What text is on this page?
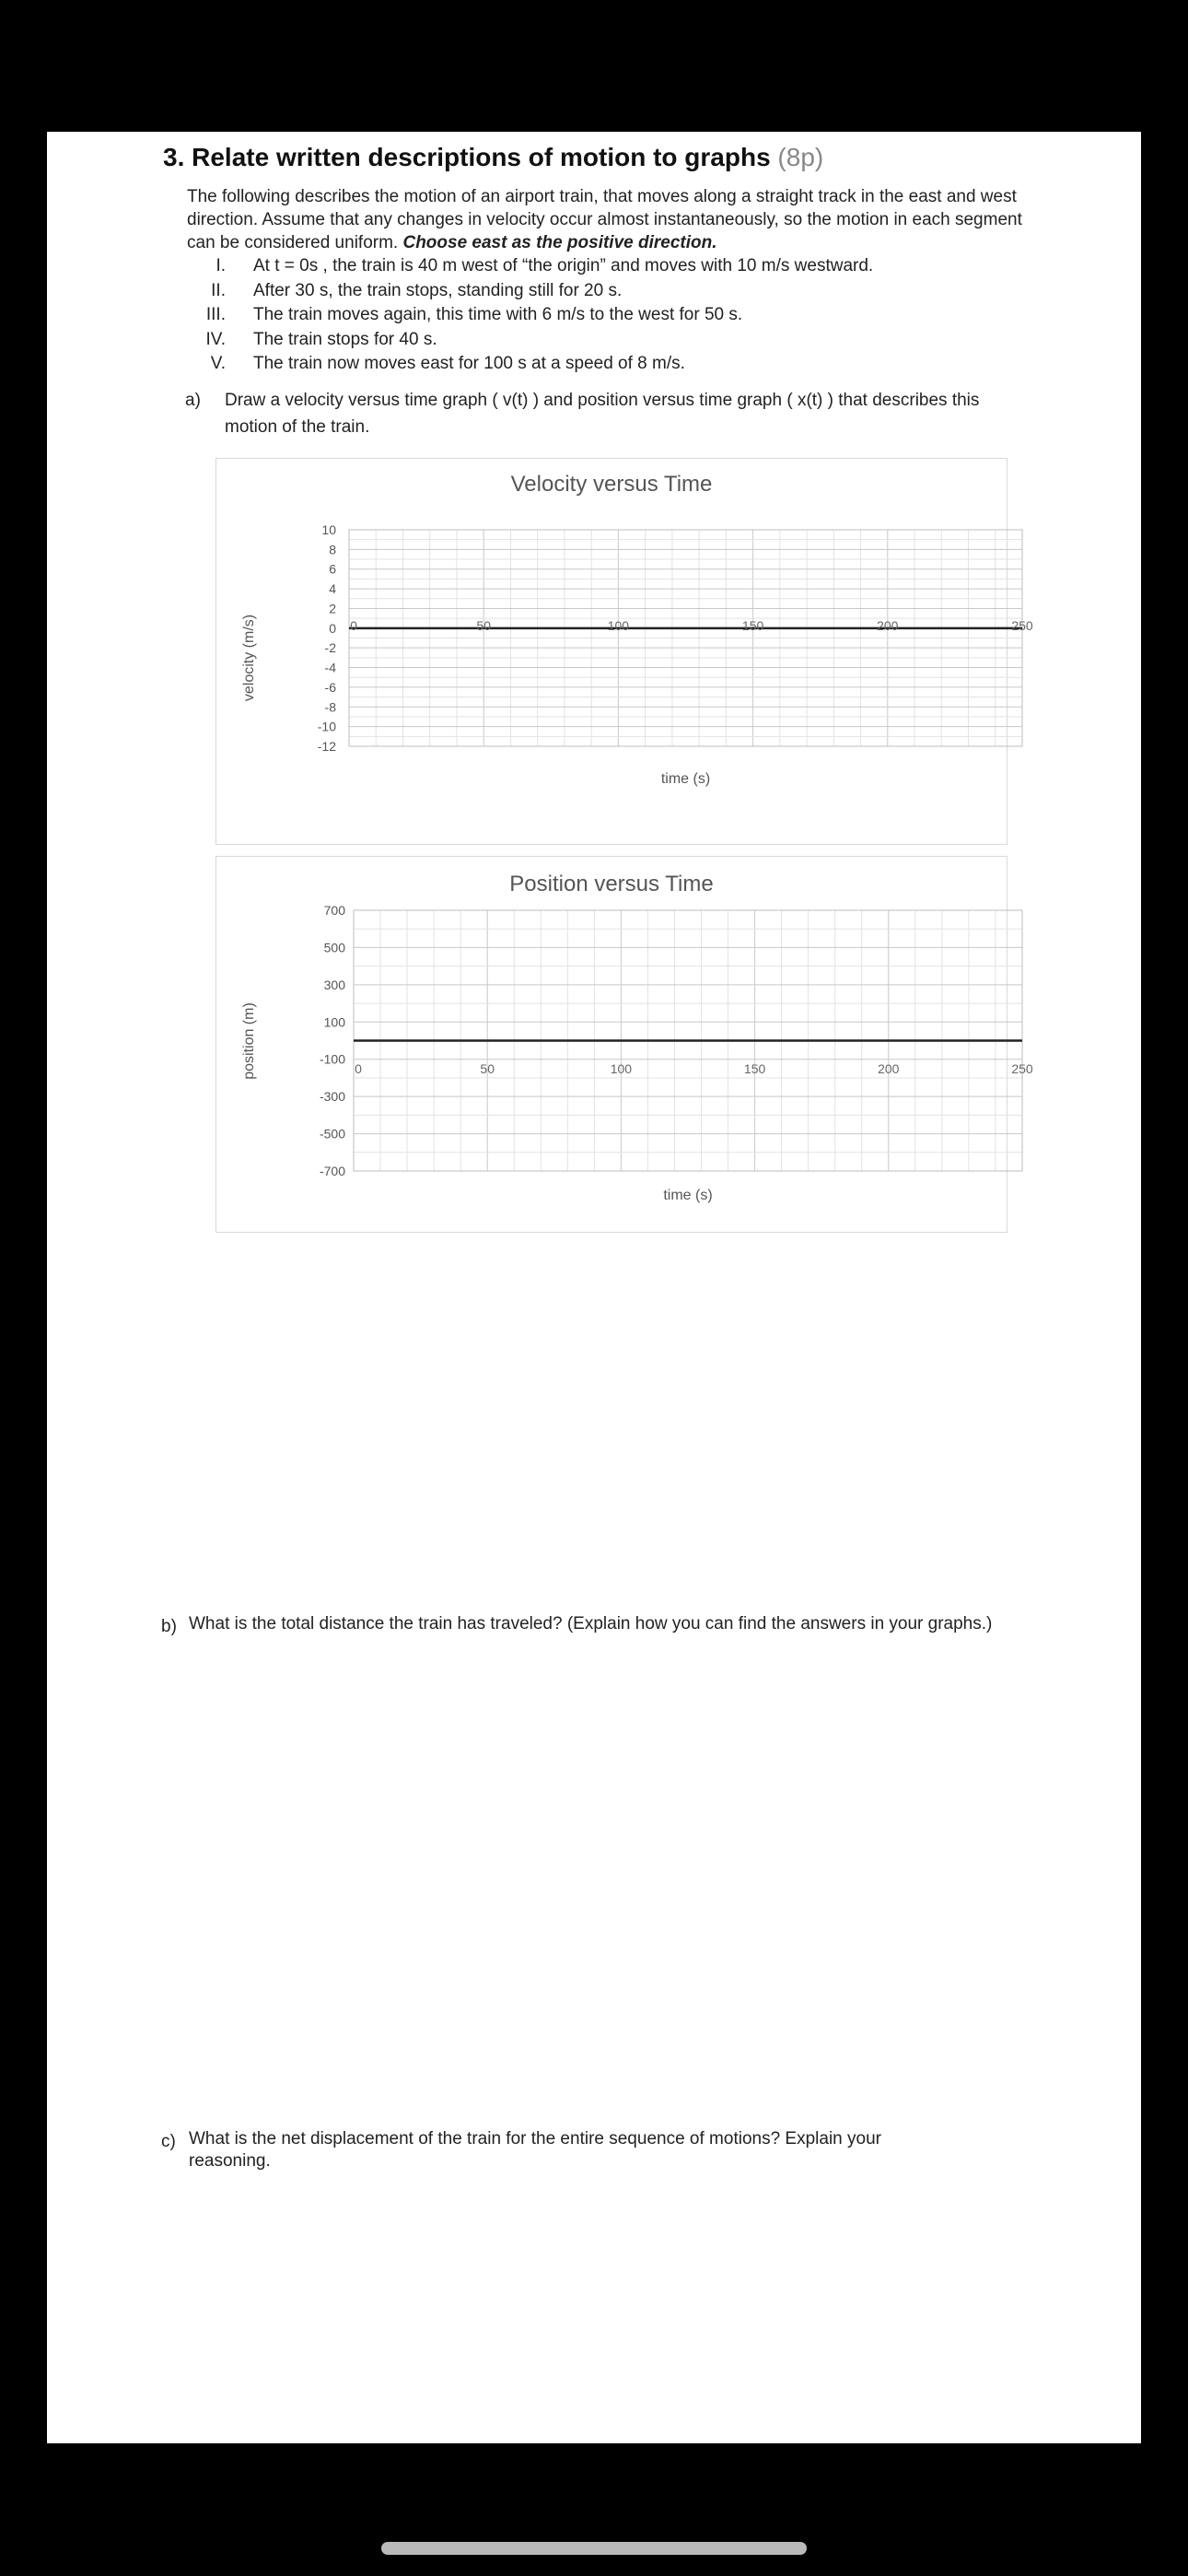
3. Relate written descriptions of motion to graphs (8p)
The following describes the motion of an airport train, that moves along a straight track in the east and west direction. Assume that any changes in velocity occur almost instantaneously, so the motion in each segment can be considered uniform. Choose east as the positive direction.
I. At t = 0s , the train is 40 m west of “the origin” and moves with 10 m/s westward.
II. After 30 s, the train stops, standing still for 20 s.
III. The train moves again, this time with 6 m/s to the west for 50 s.
IV. The train stops for 40 s.
V. The train now moves east for 100 s at a speed of 8 m/s.
a) Draw a velocity versus time graph ( v(t) ) and position versus time graph ( x(t) ) that describes this motion of the train.
Velocity versus Time
10
8
6
4
2
0
-2
-4
-6
-8
-10
-12
0	50	100	150	200	250
time (s)
velocity (m/s)
Position versus Time
700
500
300
100
-100
-300
-500
-700
0	50	100	150	200	250
time (s)
position (m)
b) What is the total distance the train has traveled? (Explain how you can find the answers in your graphs.)
c) What is the net displacement of the train for the entire sequence of motions? Explain your reasoning.
